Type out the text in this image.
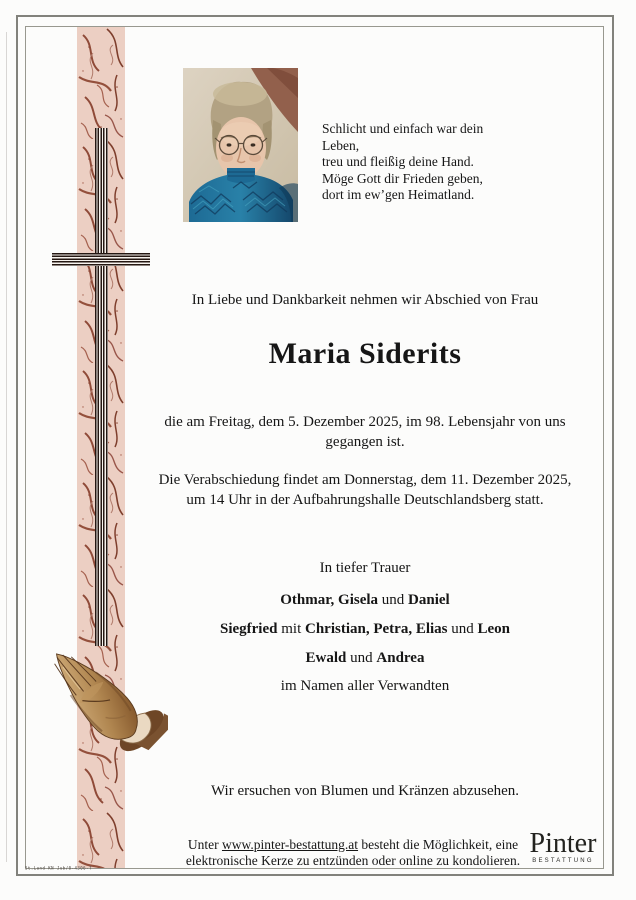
Schlicht und einfach war dein Leben,
treu und fleißig deine Hand.
Möge Gott dir Frieden geben,
dort im ew’gen Heimatland.
In Liebe und Dankbarkeit nehmen wir Abschied von Frau
Maria Siderits
die am Freitag, dem 5. Dezember 2025, im 98. Lebensjahr von uns
gegangen ist.
Die Verabschiedung findet am Donnerstag, dem 11. Dezember 2025,
um 14 Uhr in der Aufbahrungshalle Deutschlandsberg statt.
In tiefer Trauer
Othmar, Gisela und Daniel
Siegfried mit Christian, Petra, Elias und Leon
Ewald und Andrea
im Namen aller Verwandten
Wir ersuchen von Blumen und Kränzen abzusehen.
Unter www.pinter-bestattung.at besteht die Möglichkeit, eine
elektronische Kerze zu entzünden oder online zu kondolieren.
Pinter
BESTATTUNG
St.Land KN Jub/0-4306-T
